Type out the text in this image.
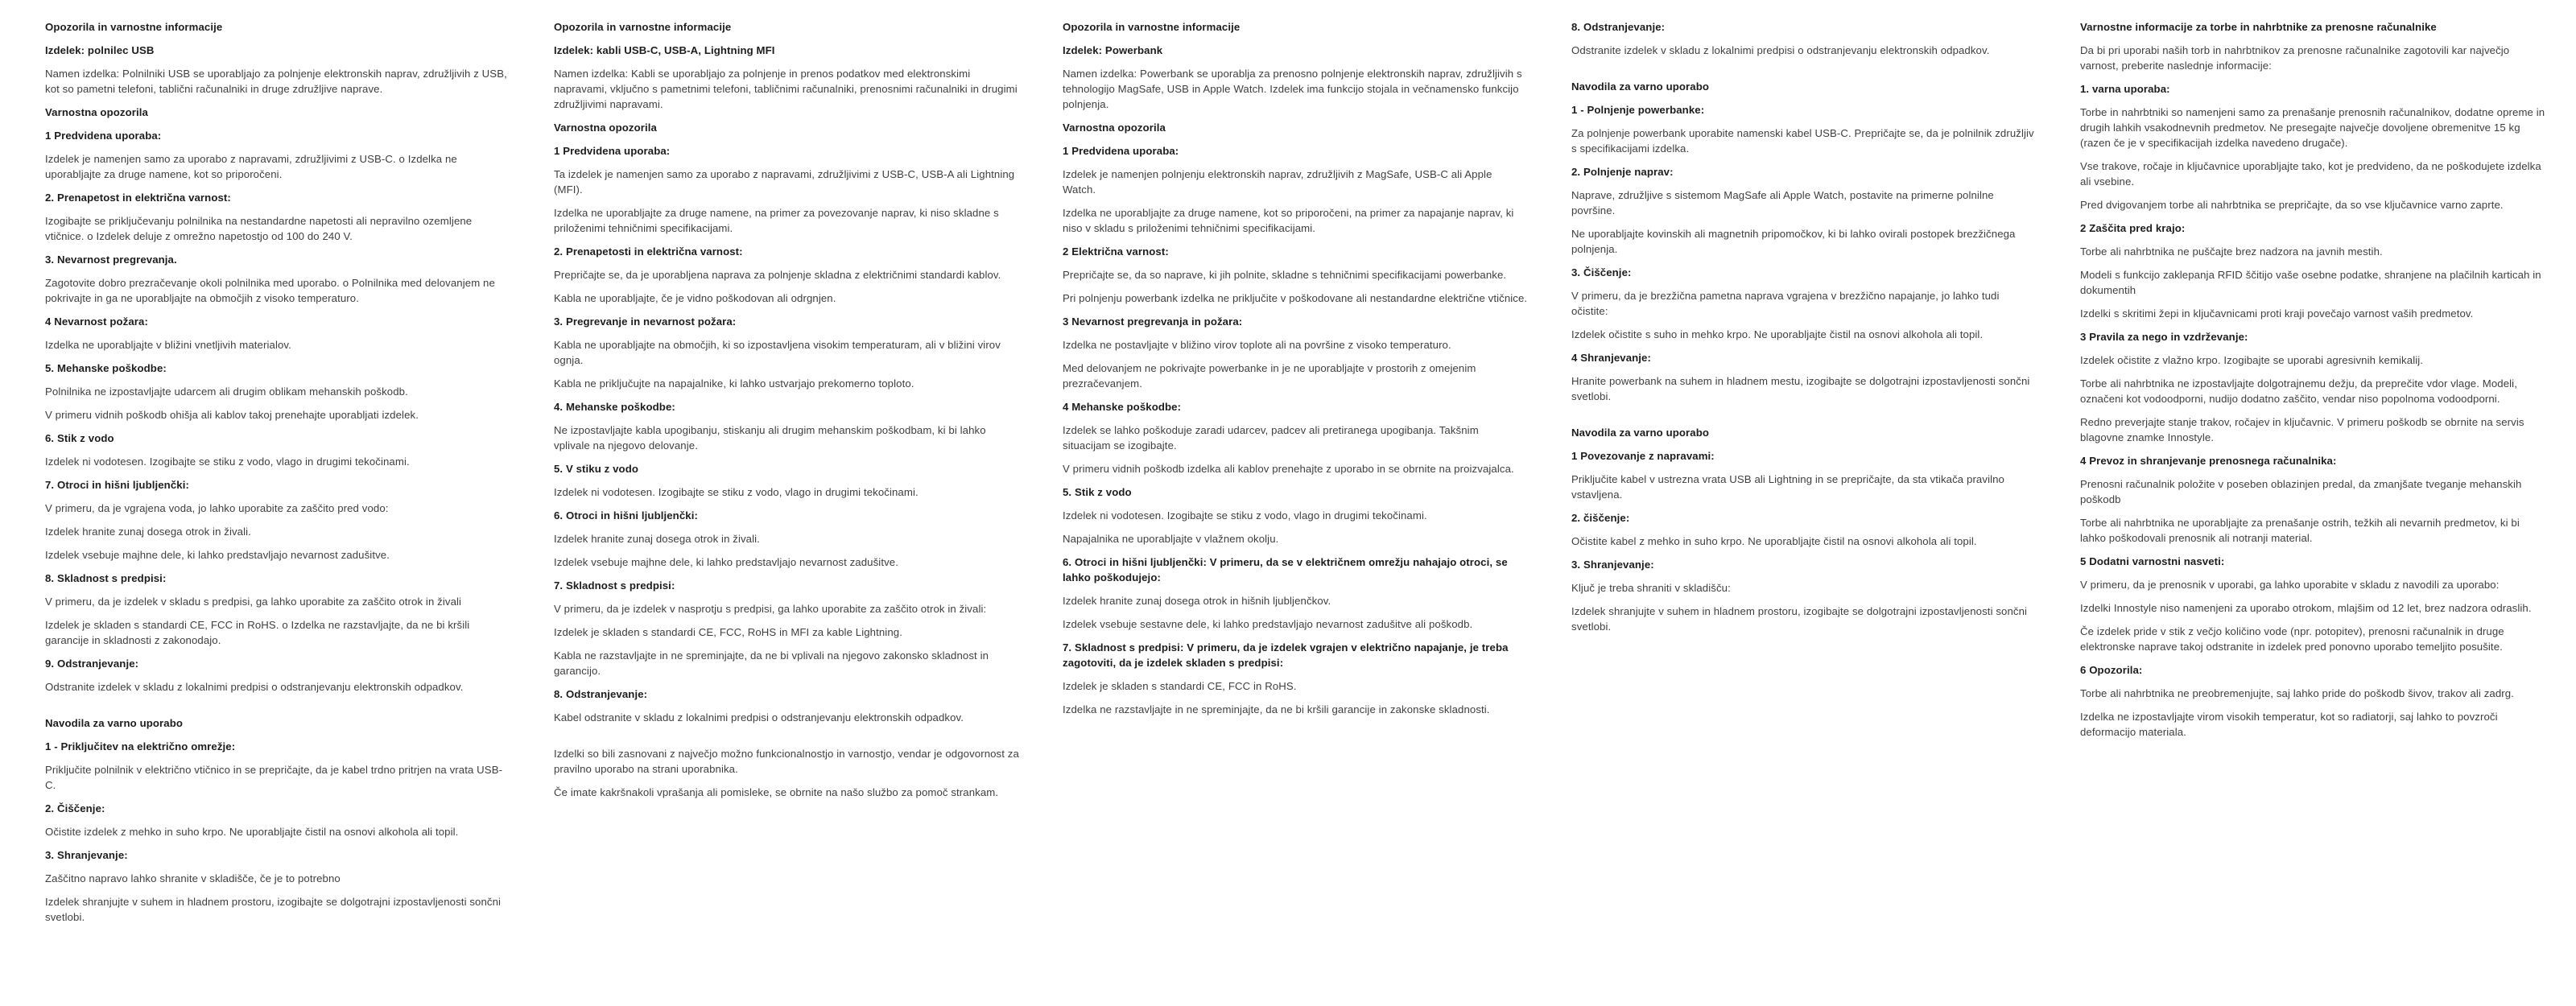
Opozorila in varnostne informacije
Izdelek: polnilec USB
Namen izdelka: Polnilniki USB se uporabljajo za polnjenje elektronskih naprav, združljivih z USB, kot so pametni telefoni, tablični računalniki in druge združljive naprave.
Varnostna opozorila
1 Predvidena uporaba:
Izdelek je namenjen samo za uporabo z napravami, združljivimi z USB-C. o Izdelka ne uporabljajte za druge namene, kot so priporočeni.
2. Prenapetost in električna varnost:
Izogibajte se priključevanju polnilnika na nestandardne napetosti ali nepravilno ozemljene vtičnice. o Izdelek deluje z omrežno napetostjo od 100 do 240 V.
3. Nevarnost pregrevanja.
Zagotovite dobro prezračevanje okoli polnilnika med uporabo. o Polnilnika med delovanjem ne pokrivajte in ga ne uporabljajte na območjih z visoko temperaturo.
4 Nevarnost požara:
Izdelka ne uporabljajte v bližini vnetljivih materialov.
5. Mehanske poškodbe:
Polnilnika ne izpostavljajte udarcem ali drugim oblikam mehanskih poškodb.
V primeru vidnih poškodb ohišja ali kablov takoj prenehajte uporabljati izdelek.
6. Stik z vodo
Izdelek ni vodotesen. Izogibajte se stiku z vodo, vlago in drugimi tekočinami.
7. Otroci in hišni ljubljenčki:
V primeru, da je vgrajena voda, jo lahko uporabite za zaščito pred vodo:
Izdelek hranite zunaj dosega otrok in živali.
Izdelek vsebuje majhne dele, ki lahko predstavljajo nevarnost zadušitve.
8. Skladnost s predpisi:
V primeru, da je izdelek v skladu s predpisi, ga lahko uporabite za zaščito otrok in živali
Izdelek je skladen s standardi CE, FCC in RoHS. o Izdelka ne razstavljajte, da ne bi kršili garancije in skladnosti z zakonodajo.
9. Odstranjevanje:
Odstranite izdelek v skladu z lokalnimi predpisi o odstranjevanju elektronskih odpadkov.
Navodila za varno uporabo
1 - Priključitev na električno omrežje:
Priključite polnilnik v električno vtičnico in se prepričajte, da je kabel trdno pritrjen na vrata USB-C.
2. Čiščenje:
Očistite izdelek z mehko in suho krpo. Ne uporabljajte čistil na osnovi alkohola ali topil.
3. Shranjevanje:
Zaščitno napravo lahko shranite v skladišče, če je to potrebno
Izdelek shranjujte v suhem in hladnem prostoru, izogibajte se dolgotrajni izpostavljenosti sončni svetlobi.
Opozorila in varnostne informacije
Izdelek: kabli USB-C, USB-A, Lightning MFI
Namen izdelka: Kabli se uporabljajo za polnjenje in prenos podatkov med elektronskimi napravami, vključno s pametnimi telefoni, tabličnimi računalniki, prenosnimi računalniki in drugimi združljivimi napravami.
Varnostna opozorila
1 Predvidena uporaba:
Ta izdelek je namenjen samo za uporabo z napravami, združljivimi z USB-C, USB-A ali Lightning (MFI).
Izdelka ne uporabljajte za druge namene, na primer za povezovanje naprav, ki niso skladne s priloženimi tehničnimi specifikacijami.
2. Prenapetosti in električna varnost:
Prepričajte se, da je uporabljena naprava za polnjenje skladna z električnimi standardi kablov.
Kabla ne uporabljajte, če je vidno poškodovan ali odrgnjen.
3. Pregrevanje in nevarnost požara:
Kabla ne uporabljajte na območjih, ki so izpostavljena visokim temperaturam, ali v bližini virov ognja.
Kabla ne priključujte na napajalnike, ki lahko ustvarjajo prekomerno toploto.
4. Mehanske poškodbe:
Ne izpostavljajte kabla upogibanju, stiskanju ali drugim mehanskim poškodbam, ki bi lahko vplivale na njegovo delovanje.
5. V stiku z vodo
Izdelek ni vodotesen. Izogibajte se stiku z vodo, vlago in drugimi tekočinami.
6. Otroci in hišni ljubljenčki:
Izdelek hranite zunaj dosega otrok in živali.
Izdelek vsebuje majhne dele, ki lahko predstavljajo nevarnost zadušitve.
7. Skladnost s predpisi:
V primeru, da je izdelek v nasprotju s predpisi, ga lahko uporabite za zaščito otrok in živali:
Izdelek je skladen s standardi CE, FCC, RoHS in MFI za kable Lightning.
Kabla ne razstavljajte in ne spreminjajte, da ne bi vplivali na njegovo zakonsko skladnost in garancijo.
8. Odstranjevanje:
Kabel odstranite v skladu z lokalnimi predpisi o odstranjevanju elektronskih odpadkov.
Izdelki so bili zasnovani z največjo možno funkcionalnostjo in varnostjo, vendar je odgovornost za pravilno uporabo na strani uporabnika.
Če imate kakršnakoli vprašanja ali pomisleke, se obrnite na našo službo za pomoč strankam.
Opozorila in varnostne informacije
Izdelek: Powerbank
Namen izdelka: Powerbank se uporablja za prenosno polnjenje elektronskih naprav, združljivih s tehnologijo MagSafe, USB in Apple Watch. Izdelek ima funkcijo stojala in večnamensko funkcijo polnjenja.
Varnostna opozorila
1 Predvidena uporaba:
Izdelek je namenjen polnjenju elektronskih naprav, združljivih z MagSafe, USB-C ali Apple Watch.
Izdelka ne uporabljajte za druge namene, kot so priporočeni, na primer za napajanje naprav, ki niso v skladu s priloženimi tehničnimi specifikacijami.
2 Električna varnost:
Prepričajte se, da so naprave, ki jih polnite, skladne s tehničnimi specifikacijami powerbanke.
Pri polnjenju powerbank izdelka ne priključite v poškodovane ali nestandardne električne vtičnice.
3 Nevarnost pregrevanja in požara:
Izdelka ne postavljajte v bližino virov toplote ali na površine z visoko temperaturo.
Med delovanjem ne pokrivajte powerbanke in je ne uporabljajte v prostorih z omejenim prezračevanjem.
4 Mehanske poškodbe:
Izdelek se lahko poškoduje zaradi udarcev, padcev ali pretiranega upogibanja. Takšnim situacijam se izogibajte.
V primeru vidnih poškodb izdelka ali kablov prenehajte z uporabo in se obrnite na proizvajalca.
5. Stik z vodo
Izdelek ni vodotesen. Izogibajte se stiku z vodo, vlago in drugimi tekočinami.
Napajalnika ne uporabljajte v vlažnem okolju.
6. Otroci in hišni ljubljenčki: V primeru, da se v električnem omrežju nahajajo otroci, se lahko poškodujejo:
Izdelek hranite zunaj dosega otrok in hišnih ljubljenčkov.
Izdelek vsebuje sestavne dele, ki lahko predstavljajo nevarnost zadušitve ali poškodb.
7. Skladnost s predpisi: V primeru, da je izdelek vgrajen v električno napajanje, je treba zagotoviti, da je izdelek skladen s predpisi:
Izdelek je skladen s standardi CE, FCC in RoHS.
Izdelka ne razstavljajte in ne spreminjajte, da ne bi kršili garancije in zakonske skladnosti.
8. Odstranjevanje:
Odstranite izdelek v skladu z lokalnimi predpisi o odstranjevanju elektronskih odpadkov.
Navodila za varno uporabo
1 - Polnjenje powerbanke:
Za polnjenje powerbank uporabite namenski kabel USB-C. Prepričajte se, da je polnilnik združljiv s specifikacijami izdelka.
2. Polnjenje naprav:
Naprave, združljive s sistemom MagSafe ali Apple Watch, postavite na primerne polnilne površine.
Ne uporabljajte kovinskih ali magnetnih pripomočkov, ki bi lahko ovirali postopek brezžičnega polnjenja.
3. Čiščenje:
V primeru, da je brezžična pametna naprava vgrajena v brezžično napajanje, jo lahko tudi očistite:
Izdelek očistite s suho in mehko krpo. Ne uporabljajte čistil na osnovi alkohola ali topil.
4 Shranjevanje:
Hranite powerbank na suhem in hladnem mestu, izogibajte se dolgotrajni izpostavljenosti sončni svetlobi.
Navodila za varno uporabo
1 Povezovanje z napravami:
Priključite kabel v ustrezna vrata USB ali Lightning in se prepričajte, da sta vtikača pravilno vstavljena.
2. čiščenje:
Očistite kabel z mehko in suho krpo. Ne uporabljajte čistil na osnovi alkohola ali topil.
3. Shranjevanje:
Ključ je treba shraniti v skladišču:
Izdelek shranjujte v suhem in hladnem prostoru, izogibajte se dolgotrajni izpostavljenosti sončni svetlobi.
Varnostne informacije za torbe in nahrbtnike za prenosne računalnike
Da bi pri uporabi naših torb in nahrbtnikov za prenosne računalnike zagotovili kar največjo varnost, preberite naslednje informacije:
1. varna uporaba:
Torbe in nahrbtniki so namenjeni samo za prenašanje prenosnih računalnikov, dodatne opreme in drugih lahkih vsakodnevnih predmetov. Ne presegajte največje dovoljene obremenitve 15 kg (razen če je v specifikacijah izdelka navedeno drugače).
Vse trakove, ročaje in ključavnice uporabljajte tako, kot je predvideno, da ne poškodujete izdelka ali vsebine.
Pred dvigovanjem torbe ali nahrbtnika se prepričajte, da so vse ključavnice varno zaprte.
2 Zaščita pred krajo:
Torbe ali nahrbtnika ne puščajte brez nadzora na javnih mestih.
Modeli s funkcijo zaklepanja RFID ščitijo vaše osebne podatke, shranjene na plačilnih karticah in dokumentih
Izdelki s skritimi žepi in ključavnicami proti kraji povečajo varnost vaših predmetov.
3 Pravila za nego in vzdrževanje:
Izdelek očistite z vlažno krpo. Izogibajte se uporabi agresivnih kemikalij.
Torbe ali nahrbtnika ne izpostavljajte dolgotrajnemu dežju, da preprečite vdor vlage. Modeli, označeni kot vodoodporni, nudijo dodatno zaščito, vendar niso popolnoma vodoodporni.
Redno preverjajte stanje trakov, ročajev in ključavnic. V primeru poškodb se obrnite na servis blagovne znamke Innostyle.
4 Prevoz in shranjevanje prenosnega računalnika:
Prenosni računalnik položite v poseben oblazinjen predal, da zmanjšate tveganje mehanskih poškodb
Torbe ali nahrbtnika ne uporabljajte za prenašanje ostrih, težkih ali nevarnih predmetov, ki bi lahko poškodovali prenosnik ali notranji material.
5 Dodatni varnostni nasveti:
V primeru, da je prenosnik v uporabi, ga lahko uporabite v skladu z navodili za uporabo:
Izdelki Innostyle niso namenjeni za uporabo otrokom, mlajšim od 12 let, brez nadzora odraslih.
Če izdelek pride v stik z večjo količino vode (npr. potopitev), prenosni računalnik in druge elektronske naprave takoj odstranite in izdelek pred ponovno uporabo temeljito posušite.
6 Opozorila:
Torbe ali nahrbtnika ne preobremenjujte, saj lahko pride do poškodb šivov, trakov ali zadrg.
Izdelka ne izpostavljajte virom visokih temperatur, kot so radiatorji, saj lahko to povzroči deformacijo materiala.
